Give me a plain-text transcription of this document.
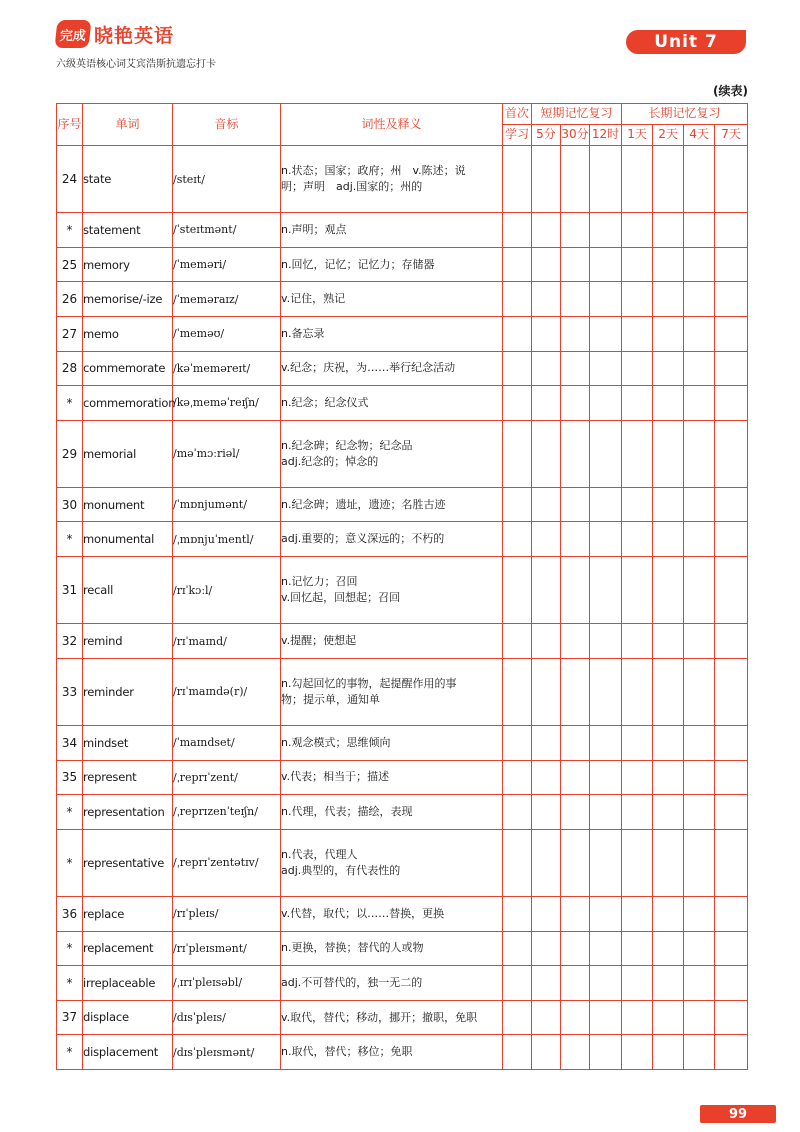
完成 晓艳英语
六级英语核心词艾宾浩斯抗遗忘打卡
Unit 7
(续表)
序号	单词	音标	词性及释义	首次	短期记忆复习			长期记忆复习			
				学习	5分	30分	12时	1天	2天	4天	7天
24	state	/steɪt/	n.状态；国家；政府；州　v.陈述；说
明；声明　adj.国家的；州的								

*	statement	/ˈsteɪtmənt/	n.声明；观点								

25	memory	/ˈmeməri/	n.回忆，记忆；记忆力；存储器								

26	memorise/-ize	/ˈmeməraɪz/	v.记住，熟记								

27	memo	/ˈmeməʊ/	n.备忘录								

28	commemorate	/kəˈmeməreɪt/	v.纪念；庆祝，为……举行纪念活动								

*	commemoration	/kəˌmeməˈreɪʃn/	n.纪念；纪念仪式								

29	memorial	/məˈmɔːriəl/	n.纪念碑；纪念物；纪念品
adj.纪念的；悼念的								

30	monument	/ˈmɒnjumənt/	n.纪念碑；遗址，遗迹；名胜古迹								

*	monumental	/ˌmɒnjuˈmentl/	adj.重要的；意义深远的；不朽的								

31	recall	/rɪˈkɔːl/	n.记忆力；召回
v.回忆起，回想起；召回								

32	remind	/rɪˈmaɪnd/	v.提醒；使想起								

33	reminder	/rɪˈmaɪndə(r)/	n.勾起回忆的事物，起提醒作用的事
物；提示单，通知单								

34	mindset	/ˈmaɪndset/	n.观念模式；思维倾向								

35	represent	/ˌreprɪˈzent/	v.代表；相当于；描述								

*	representation	/ˌreprɪzenˈteɪʃn/	n.代理，代表；描绘，表现								

*	representative	/ˌreprɪˈzentətɪv/	n.代表，代理人
adj.典型的，有代表性的								

36	replace	/rɪˈpleɪs/	v.代替，取代；以……替换，更换								

*	replacement	/rɪˈpleɪsmənt/	n.更换，替换；替代的人或物								

*	irreplaceable	/ˌɪrɪˈpleɪsəbl/	adj.不可替代的，独一无二的								

37	displace	/dɪsˈpleɪs/	v.取代，替代；移动，挪开；撤职，免职								

*	displacement	/dɪsˈpleɪsmənt/	n.取代，替代；移位；免职								

99
